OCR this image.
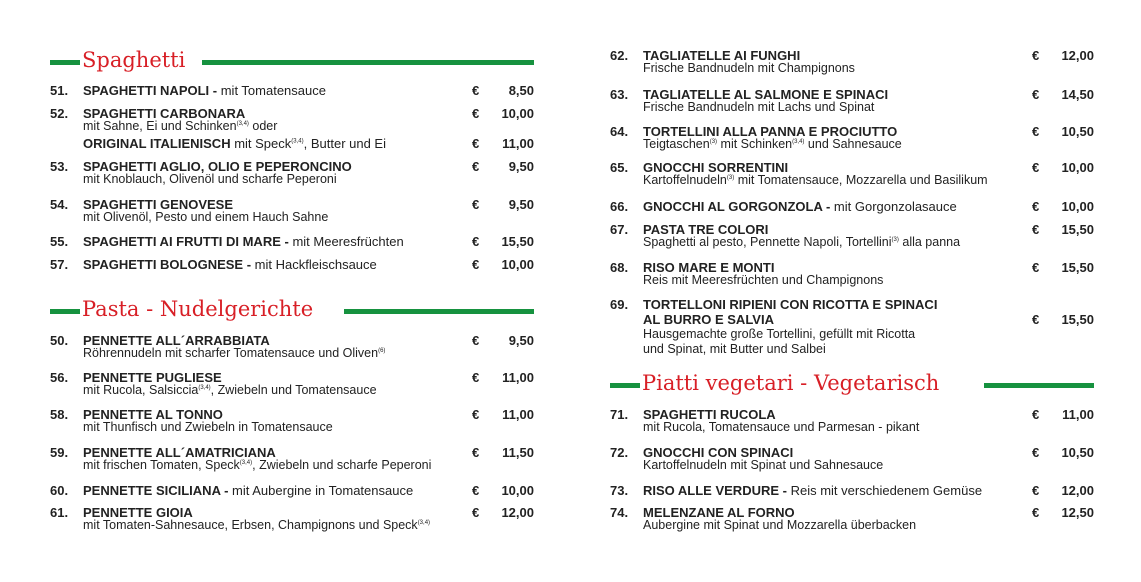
Spaghetti
51. SPAGHETTI NAPOLI - mit Tomatensauce	€ 8,50
52. SPAGHETTI CARBONARA
mit Sahne, Ei und Schinken$^{(3,4)}$ oder
€ 10,00
ORIGINAL ITALIENISCH mit Speck$^{(3,4)}$, Butter und Ei	€ 11,00
53. SPAGHETTI AGLIO, OLIO E PEPERONCINO
mit Knoblauch, Olivenöl und scharfe Peperoni
€ 9,50
54. SPAGHETTI GENOVESE
mit Olivenöl, Pesto und einem Hauch Sahne
€ 9,50
55. SPAGHETTI AI FRUTTI DI MARE - mit Meeresfrüchten	€ 15,50
57. SPAGHETTI BOLOGNESE - mit Hackfleischsauce	€ 10,00
Pasta - Nudelgerichte
50. PENNETTE ALL´ARRABBIATA
Röhrennudeln mit scharfer Tomatensauce und Oliven$^{(6)}$
€ 9,50
56. PENNETTE PUGLIESE
mit Rucola, Salsiccia$^{(3,4)}$, Zwiebeln und Tomatensauce
€ 11,00
58. PENNETTE AL TONNO
mit Thunfisch und Zwiebeln in Tomatensauce
€ 11,00
59. PENNETTE ALL´AMATRICIANA
mit frischen Tomaten, Speck$^{(3,4)}$, Zwiebeln und scharfe Peperoni
€ 11,50
60. PENNETTE SICILIANA - mit Aubergine in Tomatensauce	€ 10,00
61. PENNETTE GIOIA
mit Tomaten-Sahnesauce, Erbsen, Champignons und Speck$^{(3,4)}$
€ 12,00
62. TAGLIATELLE AI FUNGHI
Frische Bandnudeln mit Champignons
€ 12,00
63. TAGLIATELLE AL SALMONE E SPINACI
Frische Bandnudeln mit Lachs und Spinat
€ 14,50
64. TORTELLINI ALLA PANNA E PROCIUTTO
Teigtaschen$^{(3)}$ mit Schinken$^{(3,4)}$ und Sahnesauce
€ 10,50
65. GNOCCHI SORRENTINI
Kartoffelnudeln$^{(3)}$ mit Tomatensauce, Mozzarella und Basilikum
€ 10,00
66. GNOCCHI AL GORGONZOLA - mit Gorgonzolasauce	€ 10,00
67. PASTA TRE COLORI
Spaghetti al pesto, Pennette Napoli, Tortellini$^{(3)}$ alla panna
€ 15,50
68. RISO MARE E MONTI
Reis mit Meeresfrüchten und Champignons
€ 15,50
69. TORTELLONI RIPIENI CON RICOTTA E SPINACI
AL BURRO E SALVIA
Hausgemachte große Tortellini, gefüllt mit Ricotta
und Spinat, mit Butter und Salbei
€ 15,50
Piatti vegetari - Vegetarisch
71. SPAGHETTI RUCOLA
mit Rucola, Tomatensauce und Parmesan - pikant
€ 11,00
72. GNOCCHI CON SPINACI
Kartoffelnudeln mit Spinat und Sahnesauce
€ 10,50
73. RISO ALLE VERDURE - Reis mit verschiedenem Gemüse	€ 12,00
74. MELENZANE AL FORNO
Aubergine mit Spinat und Mozzarella überbacken
€ 12,50
